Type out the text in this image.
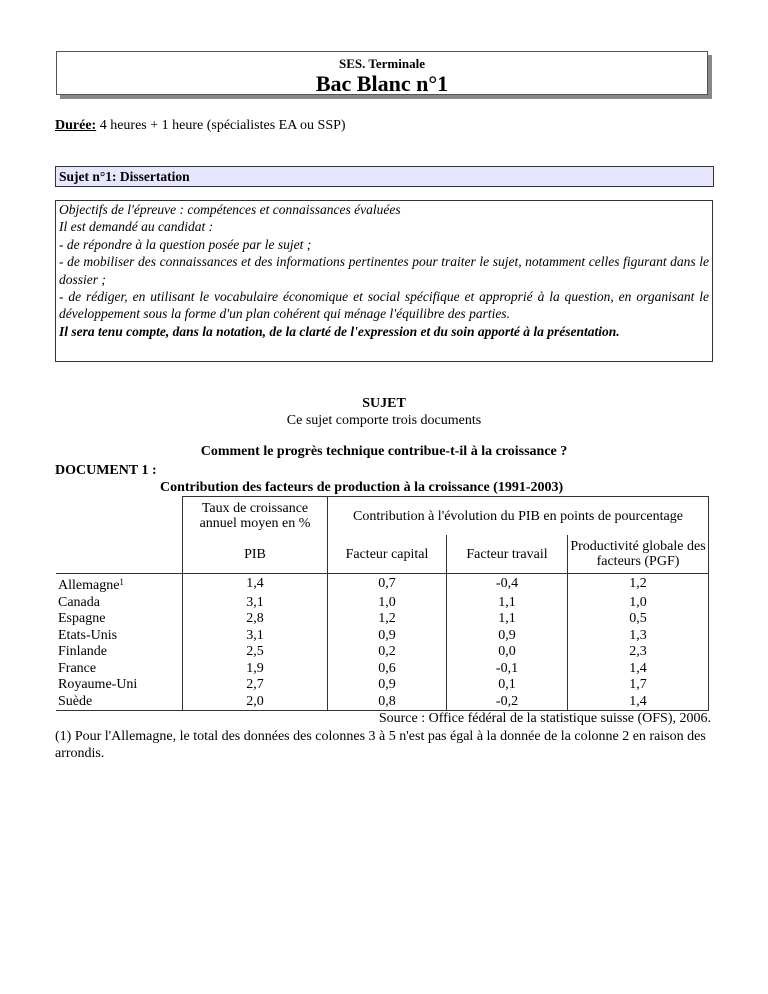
SES. Terminale
Bac Blanc n°1
Durée: 4 heures + 1 heure (spécialistes EA ou SSP)
Sujet n°1: Dissertation
Objectifs de l'épreuve : compétences et connaissances évaluées
Il est demandé au candidat :
- de répondre à la question posée par le sujet ;
- de mobiliser des connaissances et des informations pertinentes pour traiter le sujet, notamment celles figurant dans le dossier ;
- de rédiger, en utilisant le vocabulaire économique et social spécifique et approprié à la question, en organisant le développement sous la forme d'un plan cohérent qui ménage l'équilibre des parties.
Il sera tenu compte, dans la notation, de la clarté de l'expression et du soin apporté à la présentation.
SUJET
Ce sujet comporte trois documents
Comment le progrès technique contribue-t-il à la croissance ?
DOCUMENT 1 :
Contribution des facteurs de production à la croissance (1991-2003)
	Taux de croissance annuel moyen en %	Contribution à l'évolution du PIB en points de pourcentage		
	PIB	Facteur capital	Facteur travail	Productivité globale des facteurs (PGF)
Allemagne$^1$	1,4	0,7	-0,4	1,2
Canada	3,1	1,0	1,1	1,0
Espagne	2,8	1,2	1,1	0,5
Etats-Unis	3,1	0,9	0,9	1,3
Finlande	2,5	0,2	0,0	2,3
France	1,9	0,6	-0,1	1,4
Royaume-Uni	2,7	0,9	0,1	1,7
Suède	2,0	0,8	-0,2	1,4
Source : Office fédéral de la statistique suisse (OFS), 2006.
(1) Pour l'Allemagne, le total des données des colonnes 3 à 5 n'est pas égal à la donnée de la colonne 2 en raison des arrondis.
